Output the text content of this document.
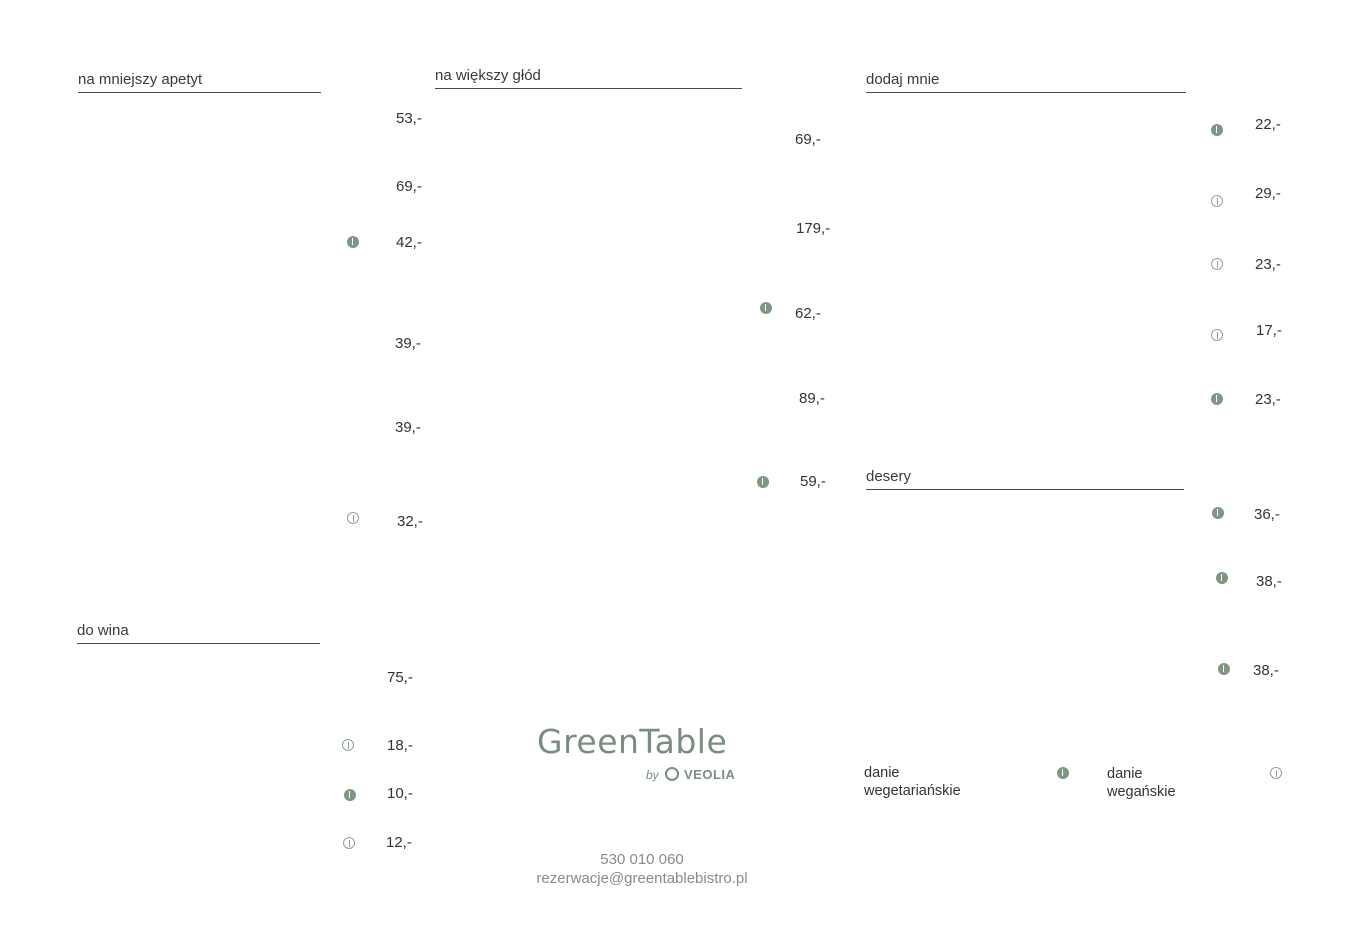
na mniejszy apetyt	na większy głód	dodaj mnie
do wina
desery
53,-
69,-
42,-
39,-
39,-
32,-
75,-
18,-
10,-
12,-
69,-
179,-
62,-
89,-
59,-
GreenTable
by VEOLIA
530 010 060
rezerwacje@greentablebistro.pl
22,-
29,-
23,-
17,-
23,-
36,-
38,-
38,-
danie wegetariańskie
danie wegańskie
